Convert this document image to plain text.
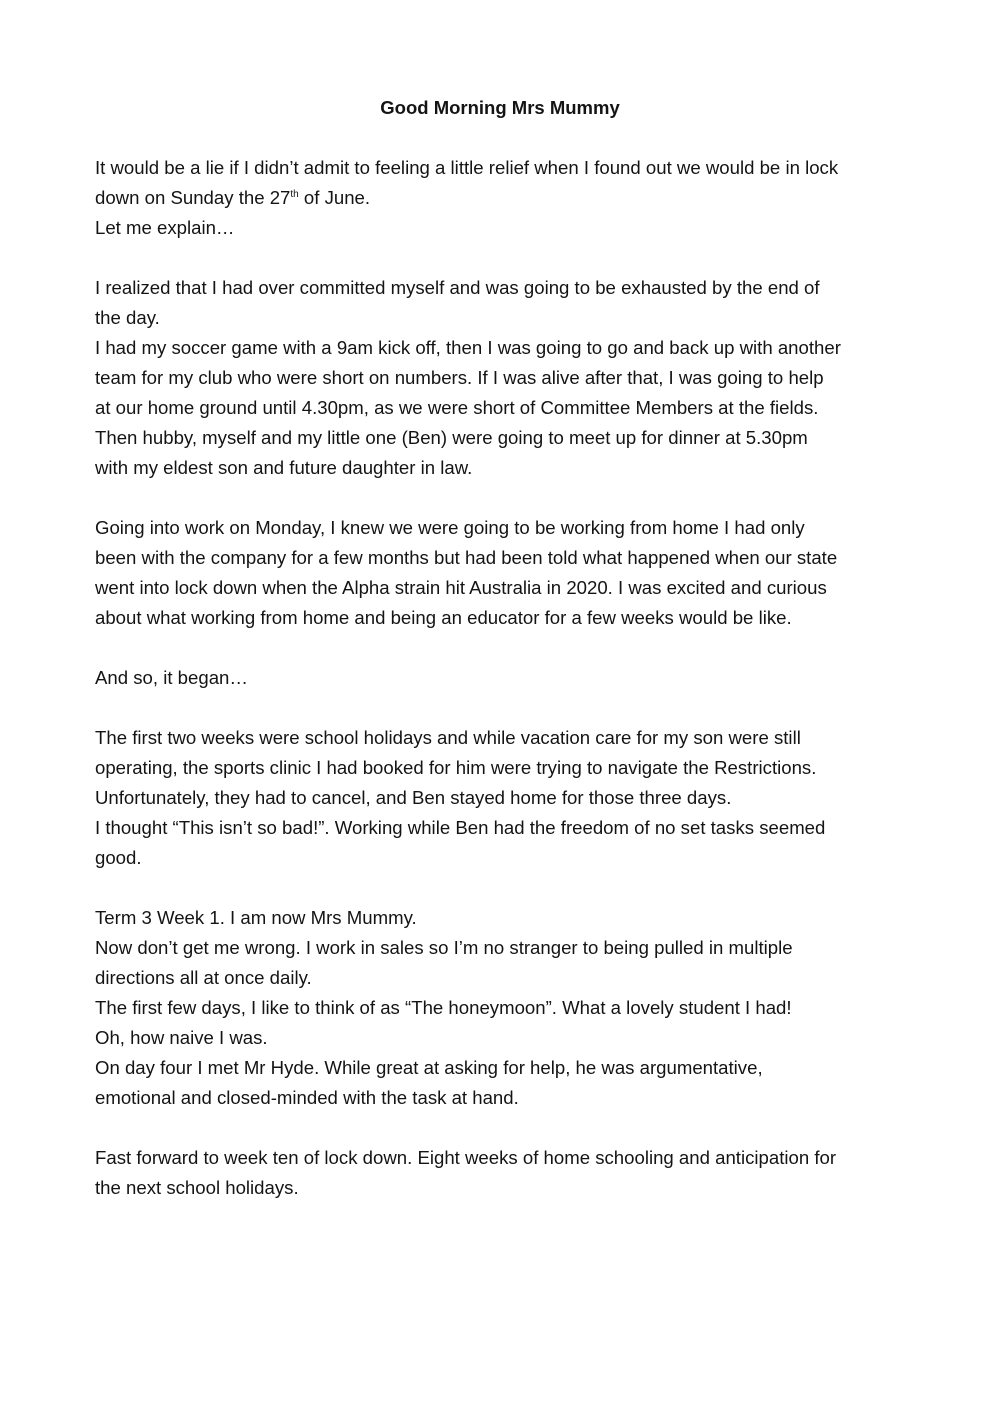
Good Morning Mrs Mummy
It would be a lie if I didn’t admit to feeling a little relief when I found out we would be in lock
down on Sunday the 27th of June.
Let me explain…
I realized that I had over committed myself and was going to be exhausted by the end of
the day.
I had my soccer game with a 9am kick off, then I was going to go and back up with another
team for my club who were short on numbers. If I was alive after that, I was going to help
at our home ground until 4.30pm, as we were short of Committee Members at the fields.
Then hubby, myself and my little one (Ben) were going to meet up for dinner at 5.30pm
with my eldest son and future daughter in law.
Going into work on Monday, I knew we were going to be working from home I had only
been with the company for a few months but had been told what happened when our state
went into lock down when the Alpha strain hit Australia in 2020. I was excited and curious
about what working from home and being an educator for a few weeks would be like.
And so, it began…
The first two weeks were school holidays and while vacation care for my son were still
operating, the sports clinic I had booked for him were trying to navigate the Restrictions.
Unfortunately, they had to cancel, and Ben stayed home for those three days.
I thought “This isn’t so bad!”. Working while Ben had the freedom of no set tasks seemed
good.
Term 3 Week 1. I am now Mrs Mummy.
Now don’t get me wrong. I work in sales so I’m no stranger to being pulled in multiple
directions all at once daily.
The first few days, I like to think of as “The honeymoon”. What a lovely student I had!
Oh, how naive I was.
On day four I met Mr Hyde. While great at asking for help, he was argumentative,
emotional and closed-minded with the task at hand.
Fast forward to week ten of lock down. Eight weeks of home schooling and anticipation for
the next school holidays.
